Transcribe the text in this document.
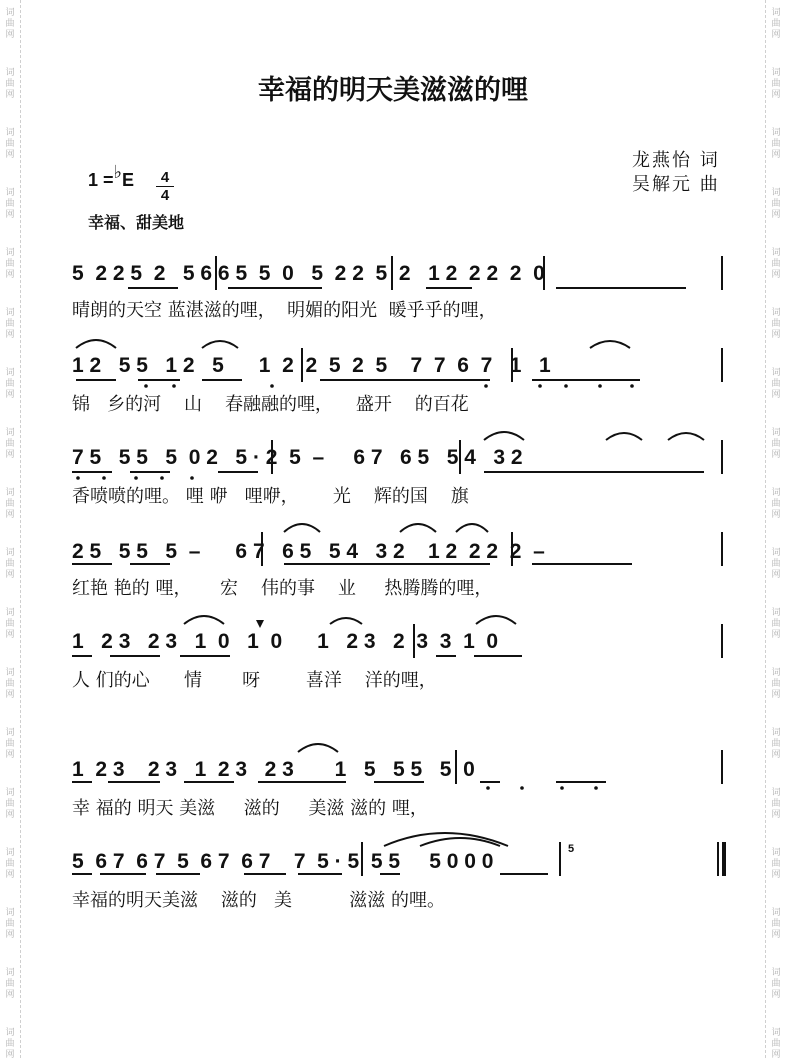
词
曲
网
词
曲
网
词
曲
网
词
曲
网
词
曲
网
词
曲
网
词
曲
网
词
曲
网
词
曲
网
词
曲
网
词
曲
网
词
曲
网
词
曲
网
词
曲
网
词
曲
网
词
曲
网
词
曲
网
词
曲
网
词
曲
网
词
曲
网
词
曲
网
词
曲
网
词
曲
网
词
曲
网
词
曲
网
词
曲
网
词
曲
网
词
曲
网
词
曲
网
词
曲
网
词
曲
网
词
曲
网
词
曲
网
词
曲
网
词
曲
网
词
曲
网
幸福的明天美滋滋的哩
龙燕怡 词
吴解元 曲
1 =♭E	4
4
幸福、甜美地
5  2 2 5  2   5 6 6 5  5  0   5  2 2  5  2   1 2  2 2  2  0
晴朗的天空 蓝湛滋的哩，  明媚的阳光  暖乎乎的哩，
1 2   5 5   1 2   5      1  2  2  5  2  5    7  7  6  7   1   1
锦   乡的河    山    春融融的哩，    盛开    的百花
7 5   5 5   5  0 2   5 · 2  5  –     6 7   6 5   5 4   3 2
香喷喷的哩。 哩 咿   哩咿，      光    辉的国    旗
2 5   5 5   5  –      6 7   6 5   5 4   3 2    1 2  2 2  2  –
红艳 艳的 哩，     宏    伟的事    业     热腾腾的哩，
1   2 3   2 3   1  0   1  0      1   2 3   2  3  3  1  0
人 们的心      情       呀        喜洋    洋的哩，
1  2 3    2 3   1  2 3   2 3       1   5   5 5   5  0
幸 福的 明天 美滋     滋的     美滋 滋的 哩，
5  6 7  6 7  5  6 7  6 7    7  5 · 5  5 5     5 0 0 0
幸福的明天美滋    滋的   美          滋滋 的哩。
5
